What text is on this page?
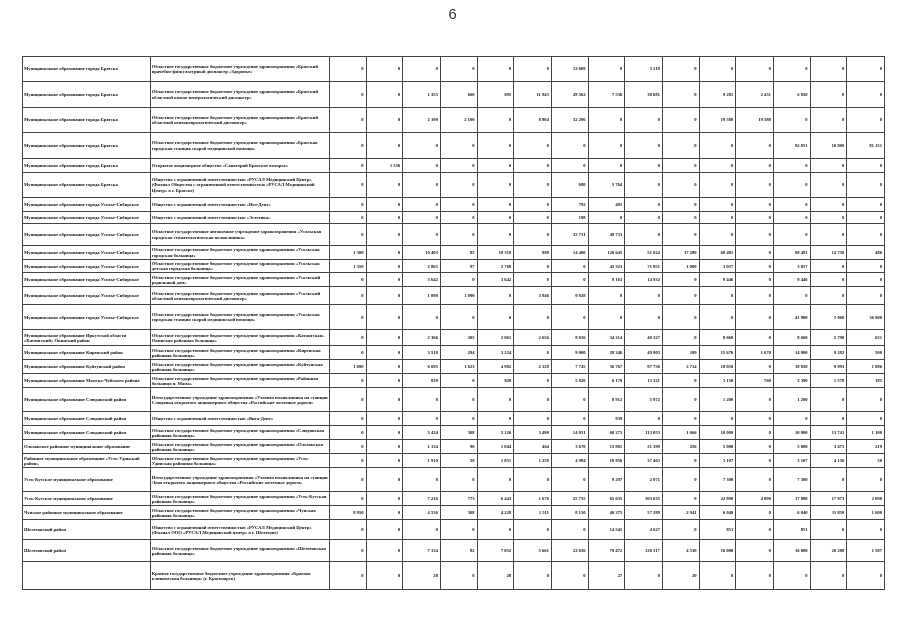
6
Муниципальное образование города Братска	Областное государственное бюджетное учреждение здравоохранения «Братский врачебно-физкультурный диспансер «Здоровье»	0	0	0	0	0	0	12 669	0	3 210	0	0	0	0	0	0
Муниципальное образование города Братска	Областное государственное бюджетное учреждение здравоохранения «Братский областной кожно-венерологический диспансер»	0	0	1 355	660	695	11 943	28 562	7 536	38 681	0	9 281	2 431	6 850	0	0
Муниципальное образование города Братска	Областное государственное бюджетное учреждение здравоохранения «Братский областной психоневрологический диспансер»	0	0	2 100	2 100	0	8 804	32 296	0	0	0	19 580	19 580	0	0	0
Муниципальное образование города Братска	Областное государственное бюджетное учреждение здравоохранения «Братская городская станция скорой медицинской помощи»	0	0	0	0	0	0	0	0	0	0	0	0	92 051	10 900	81 151
Муниципальное образование города Братска	Открытое акционерное общество «Санаторий Братское взморье»	0	1 556	0	0	0	0	0	0	0	0	0	0	0	0	0
Муниципальное образование города Братска	Общество с ограниченной ответственностью «РУСАЛ Медицинский Центр» (Филиал Общества с ограниченной ответственностью «РУСАЛ Медицинский Центр» в г. Братске)	0	0	0	0	0	0	680	5 764	0	0	0	0	0	0	0
Муниципальное образование города Усолье-Сибирское	Общество с ограниченной ответственностью «Нео-Дент»	0	0	0	0	0	0	792	401	0	0	0	0	0	0	0
Муниципальное образование города Усолье-Сибирское	Общество с ограниченной ответственностью «Эстетика»	0	0	0	0	0	0	198	0	0	0	0	0	0	0	0
Муниципальное образование города Усолье-Сибирское	Областное государственное автономное учреждение здравоохранения «Усольская городская стоматологическая поликлиника»	0	0	0	0	0	0	35 731	49 733	0	0	0	0	0	0	0
Муниципальное образование города Усолье-Сибирское	Областное государственное бюджетное учреждение здравоохранения «Усольская городская больница»	1 300	0	10 403	85	10 318	988	14 400	120 645	51 024	37 280	68 481	0	68 481	12 730	486
Муниципальное образование города Усолье-Сибирское	Областное государственное бюджетное учреждение здравоохранения «Усольская детская городская больница»	1 350	0	2 865	97	2 768	0	0	45 323	71 951	1 000	3 057	0	3 057	0	0
Муниципальное образование города Усолье-Сибирское	Областное государственное бюджетное учреждение здравоохранения «Усольский родильный дом»	0	0	3 642	0	3 642	0	0	9 163	14 932	0	9 446	0	9 446	0	0
Муниципальное образование города Усолье-Сибирское	Областное государственное бюджетное учреждение здравоохранения «Усольский областной психоневрологический диспансер»	0	0	1 090	1 090	0	3 946	9 928	0	0	0	0	0	0	0	0
Муниципальное образование города Усолье-Сибирское	Областное государственное бюджетное учреждение здравоохранения «Усольская городская станция скорой медицинской помощи»	0	0	0	0	0	0	0	0	0	0	0	0	41 900	5 060	36 900
Муниципальное образование Иркутской области «Катангский» Окинский район	Областное государственное бюджетное учреждение здравоохранения «Катангская» Окинская районная больница»	0	0	2 366	305	2 061	2 656	8 656	34 214	40 327	0	8 660	0	8 660	5 790	651
Муниципальное образование Киренский район	Областное государственное бюджетное учреждение здравоохранения «Киренская районная больница»	0	0	3 518	294	3 224	0	9 000	28 346	49 903	109	15 676	1 670	14 000	9 282	500
Муниципальное образование Куйтунский район	Областное государственное бюджетное учреждение здравоохранения «Куйтунская районная больница»	1 690	0	6 695	1 623	4 982	2 128	7 745	36 767	97 736	2 714	18 050	0	18 050	9 993	1 006
Муниципальное образование Мамско-Чуйского района	Областное государственное бюджетное учреждение здравоохранения «Районная больница п. Мама»	0	0	820	0	820	0	5 820	6 179	15 321	0	3 150	760	2 390	1 578	185
Муниципальное образование Слюдянский район	Негосударственное учреждение здравоохранения «Узловая поликлиника на станции Слюдянка открытого акционерного общества «Российские железные дороги»	0	0	0	0	0	0	0	8 912	5 972	0	1 200	0	1 200	0	0
Муниципальное образование Слюдянский район	Общество с ограниченной ответственностью «Вита-Дент»	0	0	0	0	0	0	0	939	0	0	0	0	0	0	0
Муниципальное образование Слюдянский район	Областное государственное бюджетное учреждение здравоохранения «Слюдянская районная больница»	0	0	5 434	308	5 126	3 490	14 031	60 273	113 053	1 666	10 000	0	10 000	13 741	1 100
Ольхонское районное муниципальное образование	Областное государственное бюджетное учреждение здравоохранения «Ольхонская районная больница»	0	0	1 134	90	1 044	464	3 670	15 981	21 399	256	5 000	0	5 000	3 475	219
Районное муниципальное образование «Усть-Удинский район»	Областное государственное бюджетное учреждение здравоохранения «Усть-Удинская районная больница»	0	0	1 910	59	1 851	1 258	4 984	18 856	37 463	0	3 107	0	3 107	4 136	50
Усть-Кутское муниципальное образование	Негосударственное учреждение здравоохранения «Узловая поликлиника на станции Лена открытого акционерного общества «Российские железные дороги»	0	0	0	0	0	0	0	9 297	2 071	0	7 300	0	7 300	0	0
Усть-Кутское муниципальное образование	Областное государственное бюджетное учреждение здравоохранения «Усть-Кутская районная больница»	0	0	7 216	773	6 443	1 676	25 755	65 635	103 635	0	22 890	4 800	17 800	17 073	2 000
Чунское районное муниципальное образование	Областное государственное бюджетное учреждение здравоохранения «Чунская районная больница»	8 950	0	4 536	308	4 228	1 511	8 150	40 375	57 289	2 941	6 040	0	6 040	11 850	1 600
Шелеховский район	Общество с ограниченной ответственностью «РУСАЛ Медицинский Центр» (Филиал ООО «РУСАЛ Медицинский центр» в г. Шелехове)	0	0	0	0	0	0	0	14 541	4 627	0	851	0	851	0	0
Шелеховский район	Областное государственное бюджетное учреждение здравоохранения «Шелеховская районная больница»	0	0	7 134	82	7 052	5 661	22 636	79 472	120 317	4 530	16 000	0	16 000	20 288	1 587
	Краевое государственное бюджетное учреждение здравоохранения «Краевая клиническая больница» (г. Красноярск)	0	0	28	0	28	0	0	27	0	20	0	0	0	0	0
